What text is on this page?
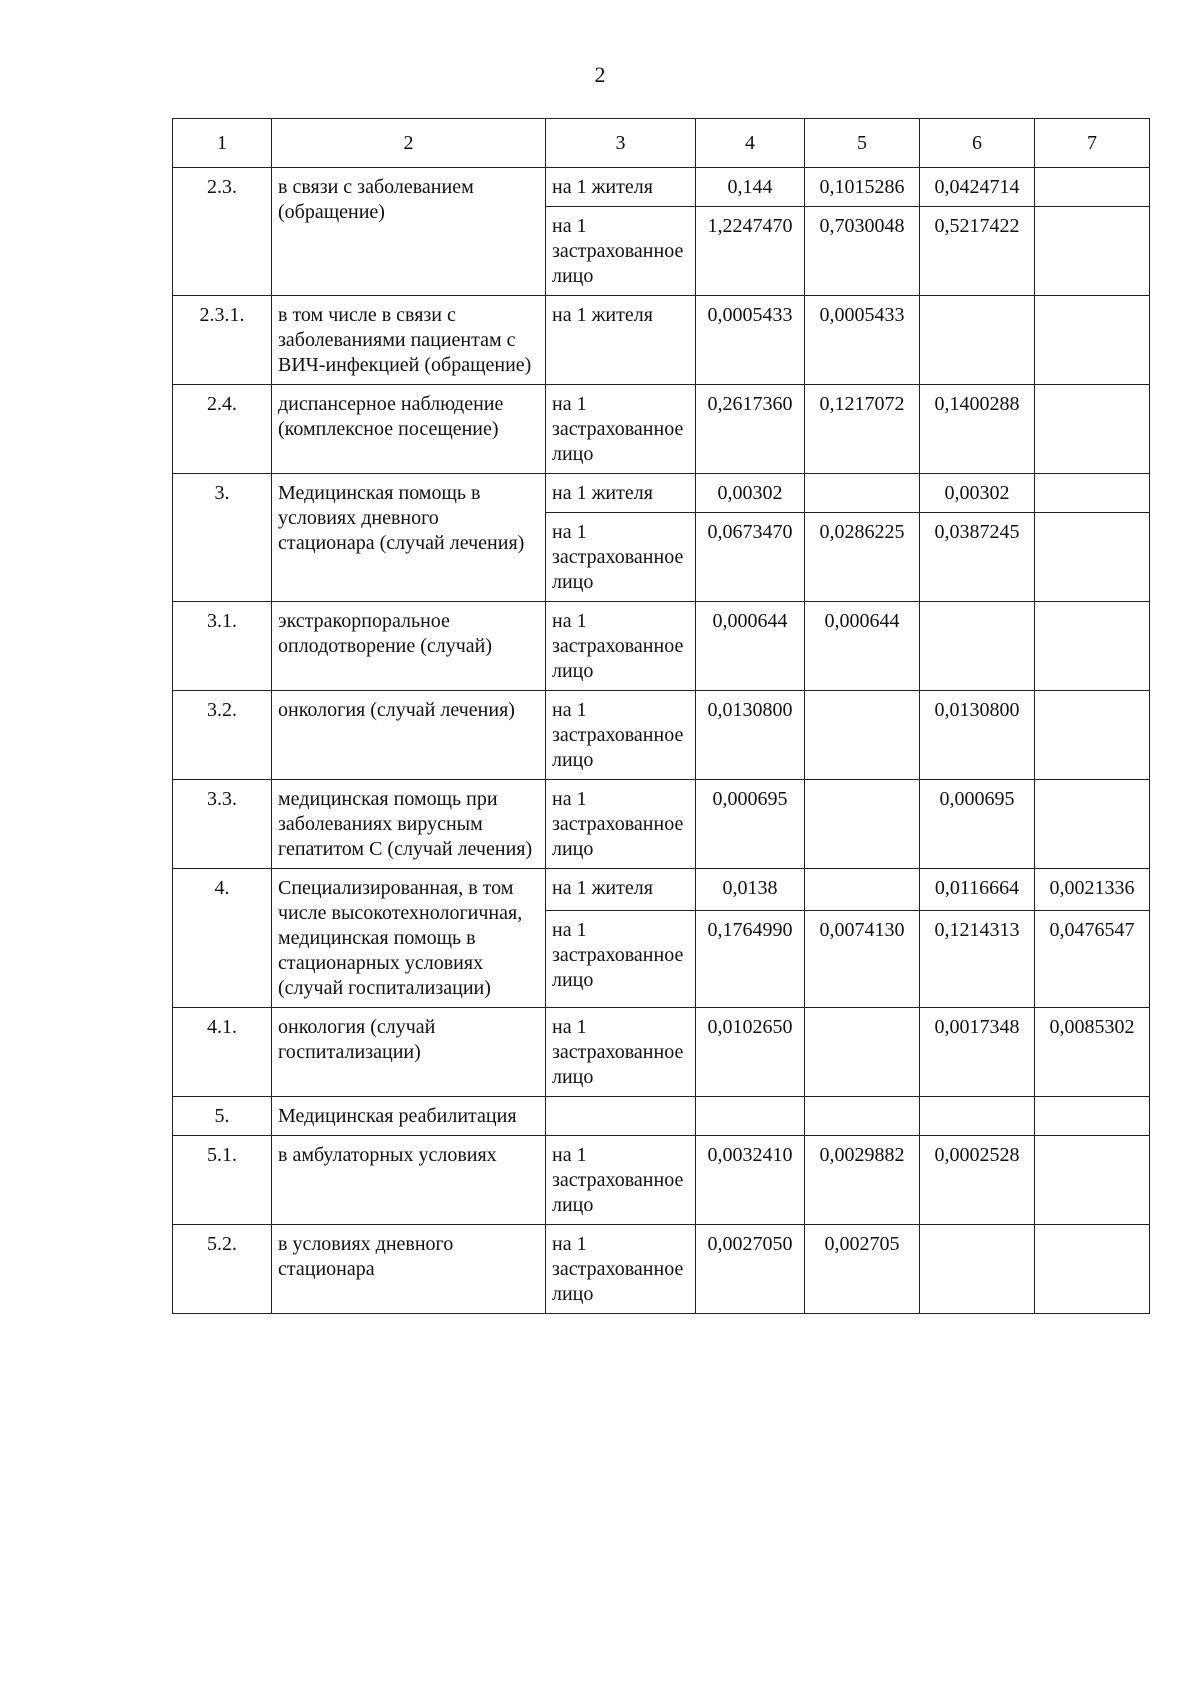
2
1	2	3	4	5	6	7
2.3.	в связи с заболеванием (обращение)	на 1 жителя	0,144	0,1015286	0,0424714	
		на 1 застрахованное лицо	1,2247470	0,7030048	0,5217422	
2.3.1.	в том числе в связи с заболеваниями пациентам с ВИЧ-инфекцией (обращение)	на 1 жителя	0,0005433	0,0005433		
2.4.	диспансерное наблюдение (комплексное посещение)	на 1 застрахованное лицо	0,2617360	0,1217072	0,1400288	
3.	Медицинская помощь в условиях дневного стационара (случай лечения)	на 1 жителя	0,00302		0,00302	
		на 1 застрахованное лицо	0,0673470	0,0286225	0,0387245	
3.1.	экстракорпоральное оплодотворение (случай)	на 1 застрахованное лицо	0,000644	0,000644		
3.2.	онкология (случай лечения)	на 1 застрахованное лицо	0,0130800		0,0130800	
3.3.	медицинская помощь при заболеваниях вирусным гепатитом С (случай лечения)	на 1 застрахованное лицо	0,000695		0,000695	
4.	Специализированная, в том числе высокотехнологичная, медицинская помощь в стационарных условиях (случай госпитализации)	на 1 жителя	0,0138		0,0116664	0,0021336
		на 1 застрахованное лицо	0,1764990	0,0074130	0,1214313	0,0476547
4.1.	онкология (случай госпитализации)	на 1 застрахованное лицо	0,0102650		0,0017348	0,0085302
5.	Медицинская реабилитация					
5.1.	в амбулаторных условиях	на 1 застрахованное лицо	0,0032410	0,0029882	0,0002528	
5.2.	в условиях дневного стационара	на 1 застрахованное лицо	0,0027050	0,002705		
